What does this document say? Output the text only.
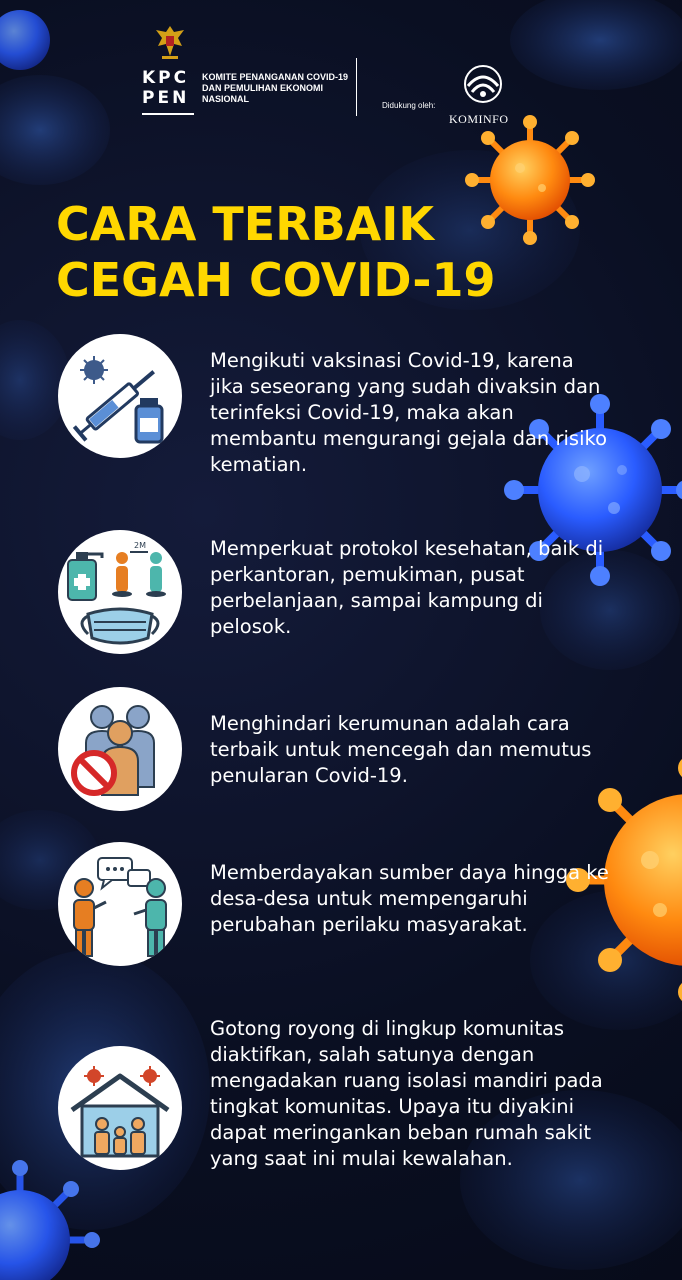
KPC PEN
KOMITE PENANGANAN COVID-19 DAN PEMULIHAN EKONOMI NASIONAL
Didukung oleh:
KOMINFO
CARA TERBAIK
CEGAH COVID-19
Mengikuti vaksinasi Covid-19, karena jika seseorang yang sudah divaksin dan terinfeksi Covid-19, maka akan membantu mengurangi gejala dan risiko kematian.
2M	Memperkuat protokol kesehatan, baik di perkantoran, pemukiman, pusat perbelanjaan, sampai kampung di pelosok.
Menghindari kerumunan adalah cara terbaik untuk mencegah dan memutus penularan Covid-19.
Memberdayakan sumber daya hingga ke desa-desa untuk mempengaruhi perubahan perilaku masyarakat.
Gotong royong di lingkup komunitas diaktifkan, salah satunya dengan mengadakan ruang isolasi mandiri pada tingkat komunitas. Upaya itu diyakini dapat meringankan beban rumah sakit yang saat ini mulai kewalahan.
